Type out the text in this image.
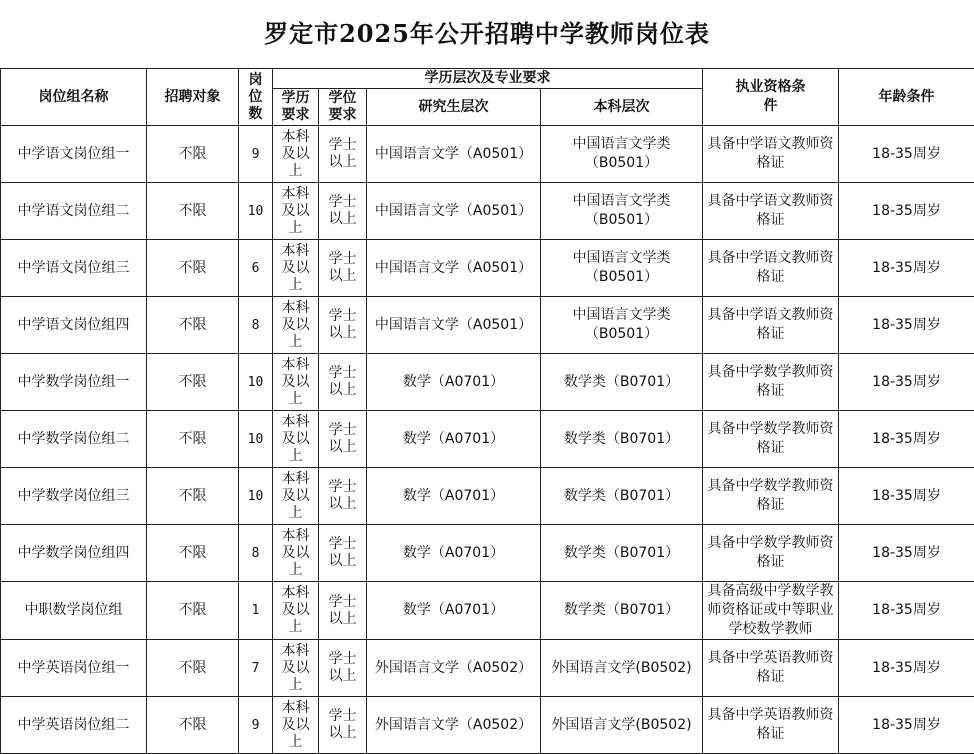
罗定市2025年公开招聘中学教师岗位表
岗位组名称	招聘对象	岗位数	学历层次及专业要求				执业资格条件	年龄条件
			学历要求	学位要求	研究生层次	本科层次		
中学语文岗位组一	不限	9	本科及以上	学士以上	中国语言文学（A0501）	中国语言文学类（B0501）	具备中学语文教师资格证	18-35周岁
中学语文岗位组二	不限	10	本科及以上	学士以上	中国语言文学（A0501）	中国语言文学类（B0501）	具备中学语文教师资格证	18-35周岁
中学语文岗位组三	不限	6	本科及以上	学士以上	中国语言文学（A0501）	中国语言文学类（B0501）	具备中学语文教师资格证	18-35周岁
中学语文岗位组四	不限	8	本科及以上	学士以上	中国语言文学（A0501）	中国语言文学类（B0501）	具备中学语文教师资格证	18-35周岁
中学数学岗位组一	不限	10	本科及以上	学士以上	数学（A0701）	数学类（B0701）	具备中学数学教师资格证	18-35周岁
中学数学岗位组二	不限	10	本科及以上	学士以上	数学（A0701）	数学类（B0701）	具备中学数学教师资格证	18-35周岁
中学数学岗位组三	不限	10	本科及以上	学士以上	数学（A0701）	数学类（B0701）	具备中学数学教师资格证	18-35周岁
中学数学岗位组四	不限	8	本科及以上	学士以上	数学（A0701）	数学类（B0701）	具备中学数学教师资格证	18-35周岁
中职数学岗位组	不限	1	本科及以上	学士以上	数学（A0701）	数学类（B0701）	具备高级中学数学教师资格证或中等职业学校数学教师	18-35周岁
中学英语岗位组一	不限	7	本科及以上	学士以上	外国语言文学（A0502）	外国语言文学(B0502)	具备中学英语教师资格证	18-35周岁
中学英语岗位组二	不限	9	本科及以上	学士以上	外国语言文学（A0502）	外国语言文学(B0502)	具备中学英语教师资格证	18-35周岁
